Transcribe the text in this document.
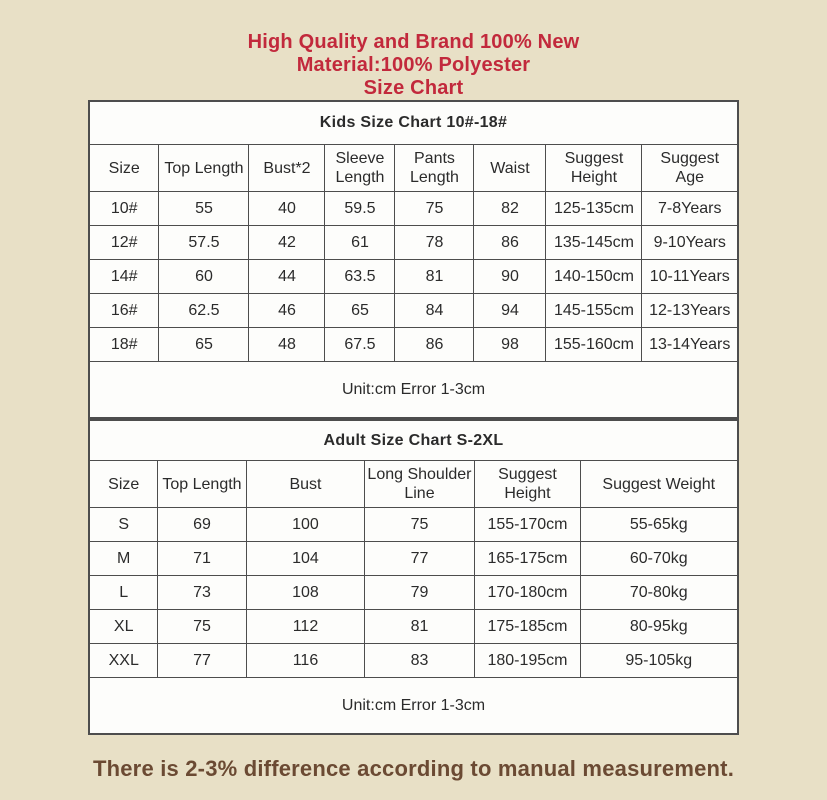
High Quality and Brand 100% New
Material:100% Polyester
Size Chart
Kids Size Chart 10#-18#							
Size	Top Length	Bust*2	Sleeve Length	Pants Length	Waist	Suggest Height	Suggest Age
10#	55	40	59.5	75	82	125-135cm	7-8Years
12#	57.5	42	61	78	86	135-145cm	9-10Years
14#	60	44	63.5	81	90	140-150cm	10-11Years
16#	62.5	46	65	84	94	145-155cm	12-13Years
18#	65	48	67.5	86	98	155-160cm	13-14Years
Unit:cm Error 1-3cm							
Adult Size Chart S-2XL					
Size	Top Length	Bust	Long Shoulder Line	Suggest Height	Suggest Weight
S	69	100	75	155-170cm	55-65kg
M	71	104	77	165-175cm	60-70kg
L	73	108	79	170-180cm	70-80kg
XL	75	112	81	175-185cm	80-95kg
XXL	77	116	83	180-195cm	95-105kg
Unit:cm Error 1-3cm					
There is 2-3% difference according to manual measurement.
